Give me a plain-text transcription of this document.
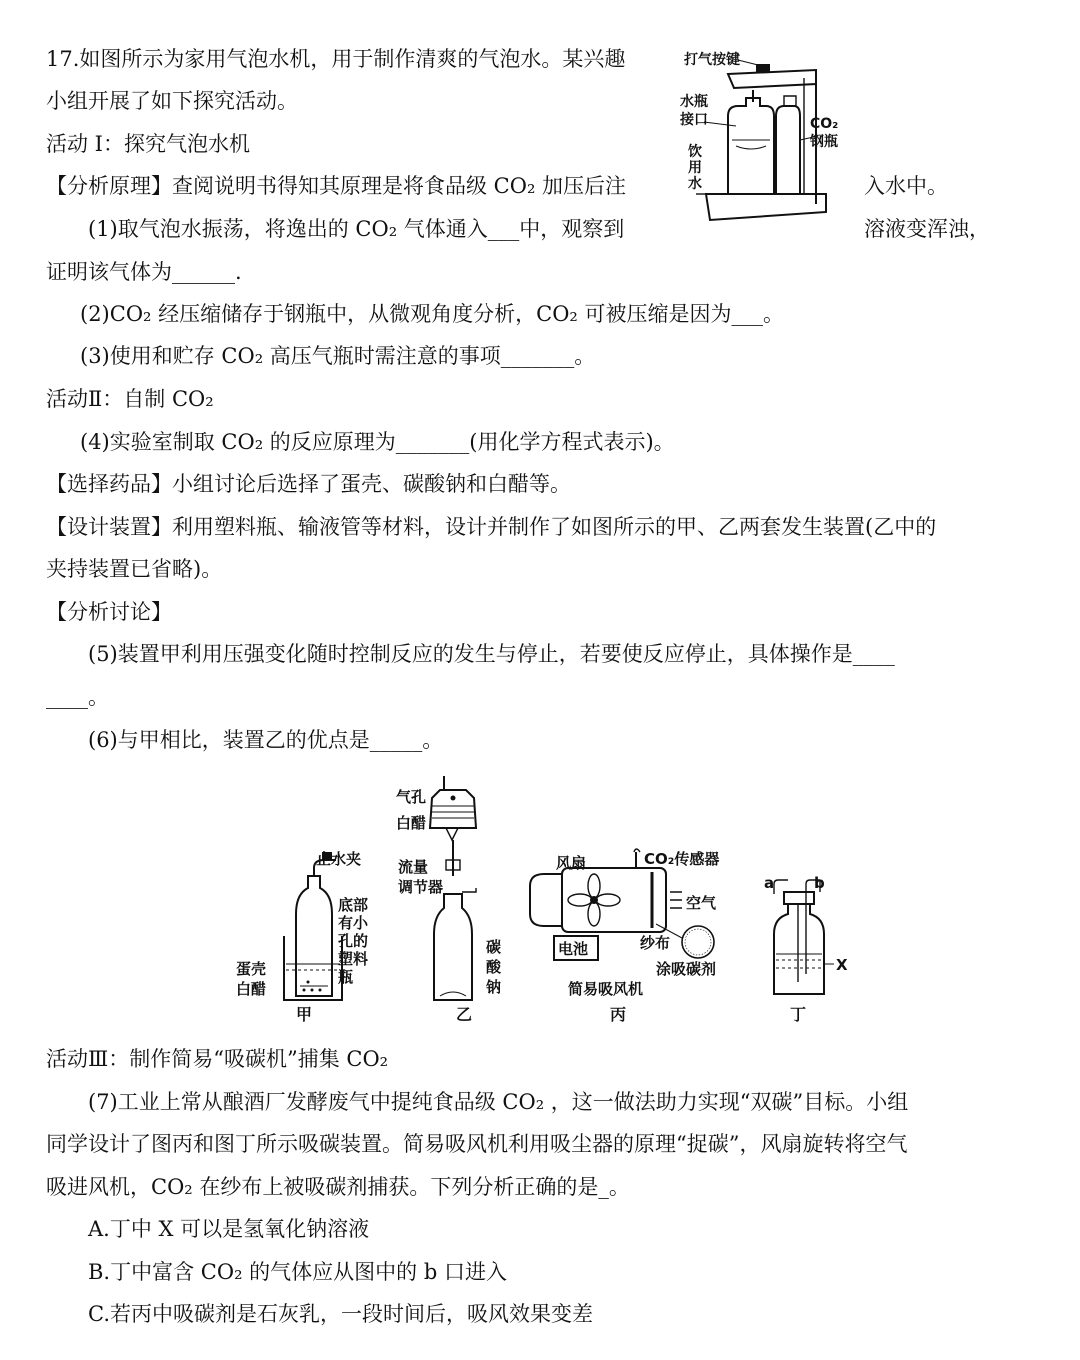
17.如图所示为家用气泡水机，用于制作清爽的气泡水。某兴趣
小组开展了如下探究活动。
活动 I：探究气泡水机
【分析原理】查阅说明书得知其原理是将食品级 CO₂ 加压后注	入水中。
(1)取气泡水振荡，将逸出的 CO₂ 气体通入___中，观察到	溶液变浑浊，
证明该气体为______.
(2)CO₂ 经压缩储存于钢瓶中，从微观角度分析，CO₂ 可被压缩是因为___。
(3)使用和贮存 CO₂ 高压气瓶时需注意的事项_______。
活动Ⅱ：自制 CO₂
(4)实验室制取 CO₂ 的反应原理为_______(用化学方程式表示)。
【选择药品】小组讨论后选择了蛋壳、碳酸钠和白醋等。
【设计装置】利用塑料瓶、输液管等材料，设计并制作了如图所示的甲、乙两套发生装置(乙中的
夹持装置已省略)。
【分析讨论】
(5)装置甲利用压强变化随时控制反应的发生与停止，若要使反应停止，具体操作是____
____。
(6)与甲相比，装置乙的优点是_____。
活动Ⅲ：制作简易“吸碳机”捕集 CO₂
(7)工业上常从酿酒厂发酵废气中提纯食品级 CO₂ ，这一做法助力实现“双碳”目标。小组
同学设计了图丙和图丁所示吸碳装置。简易吸风机利用吸尘器的原理“捉碳”，风扇旋转将空气
吸进风机，CO₂ 在纱布上被吸碳剂捕获。下列分析正确的是_。
A.丁中 X 可以是氢氧化钠溶液
B.丁中富含 CO₂ 的气体应从图中的 b 口进入
C.若丙中吸碳剂是石灰乳，一段时间后，吸风效果变差
打气按键
水瓶
接口
饮
用
水
CO₂
钢瓶
止水夹
底部
有小
孔的
塑料
瓶
蛋壳
白醋
甲
气孔
白醋
流量
调节器
碳
酸
钠
乙
风扇	CO₂传感器
空气
电池	纱布
涂吸碳剂
简易吸风机
丙
a	b
X
丁
